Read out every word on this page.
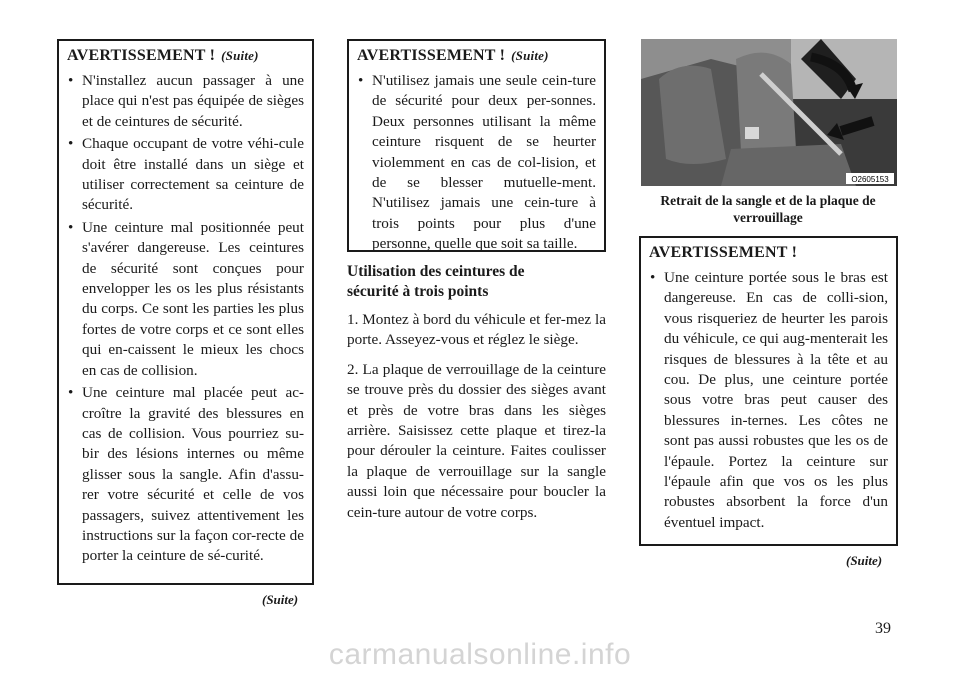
AVERTISSEMENT ! (Suite)
• N'installez aucun passager à une place qui n'est pas équipée de sièges et de ceintures de sécurité.
• Chaque occupant de votre véhi-cule doit être installé dans un siège et utiliser correctement sa ceinture de sécurité.
• Une ceinture mal positionnée peut s'avérer dangereuse. Les ceintures de sécurité sont conçues pour envelopper les os les plus résistants du corps. Ce sont les parties les plus fortes de votre corps et ce sont elles qui en-caissent le mieux les chocs en cas de collision.
• Une ceinture mal placée peut ac-croître la gravité des blessures en cas de collision. Vous pourriez su-bir des lésions internes ou même glisser sous la sangle. Afin d'assu-rer votre sécurité et celle de vos passagers, suivez attentivement les instructions sur la façon cor-recte de porter la ceinture de sé-curité.
(Suite)
AVERTISSEMENT ! (Suite)
• N'utilisez jamais une seule cein-ture de sécurité pour deux per-sonnes. Deux personnes utilisant la même ceinture risquent de se heurter violemment en cas de col-lision, et de se blesser mutuelle-ment. N'utilisez jamais une cein-ture à trois points pour plus d'une personne, quelle que soit sa taille.
Utilisation des ceintures de sécurité à trois points

1. Montez à bord du véhicule et fer-mez la porte. Asseyez-vous et réglez le siège.

2. La plaque de verrouillage de la ceinture se trouve près du dossier des sièges avant et près de votre bras dans les sièges arrière. Saisissez cette plaque et tirez-la pour dérouler la ceinture. Faites coulisser la plaque de verrouillage sur la sangle aussi loin que nécessaire pour boucler la cein-ture autour de votre corps.

O2605153
Retrait de la sangle et de la plaque de verrouillage
AVERTISSEMENT !
• Une ceinture portée sous le bras est dangereuse. En cas de colli-sion, vous risqueriez de heurter les parois du véhicule, ce qui aug-menterait les risques de blessures à la tête et au cou. De plus, une ceinture portée sous votre bras peut causer des blessures in-ternes. Les côtes ne sont pas aussi robustes que les os de l'épaule. Portez la ceinture sur l'épaule afin que vos os les plus robustes absorbent la force d'un éventuel impact.
(Suite)
39
carmanualsonline.info
